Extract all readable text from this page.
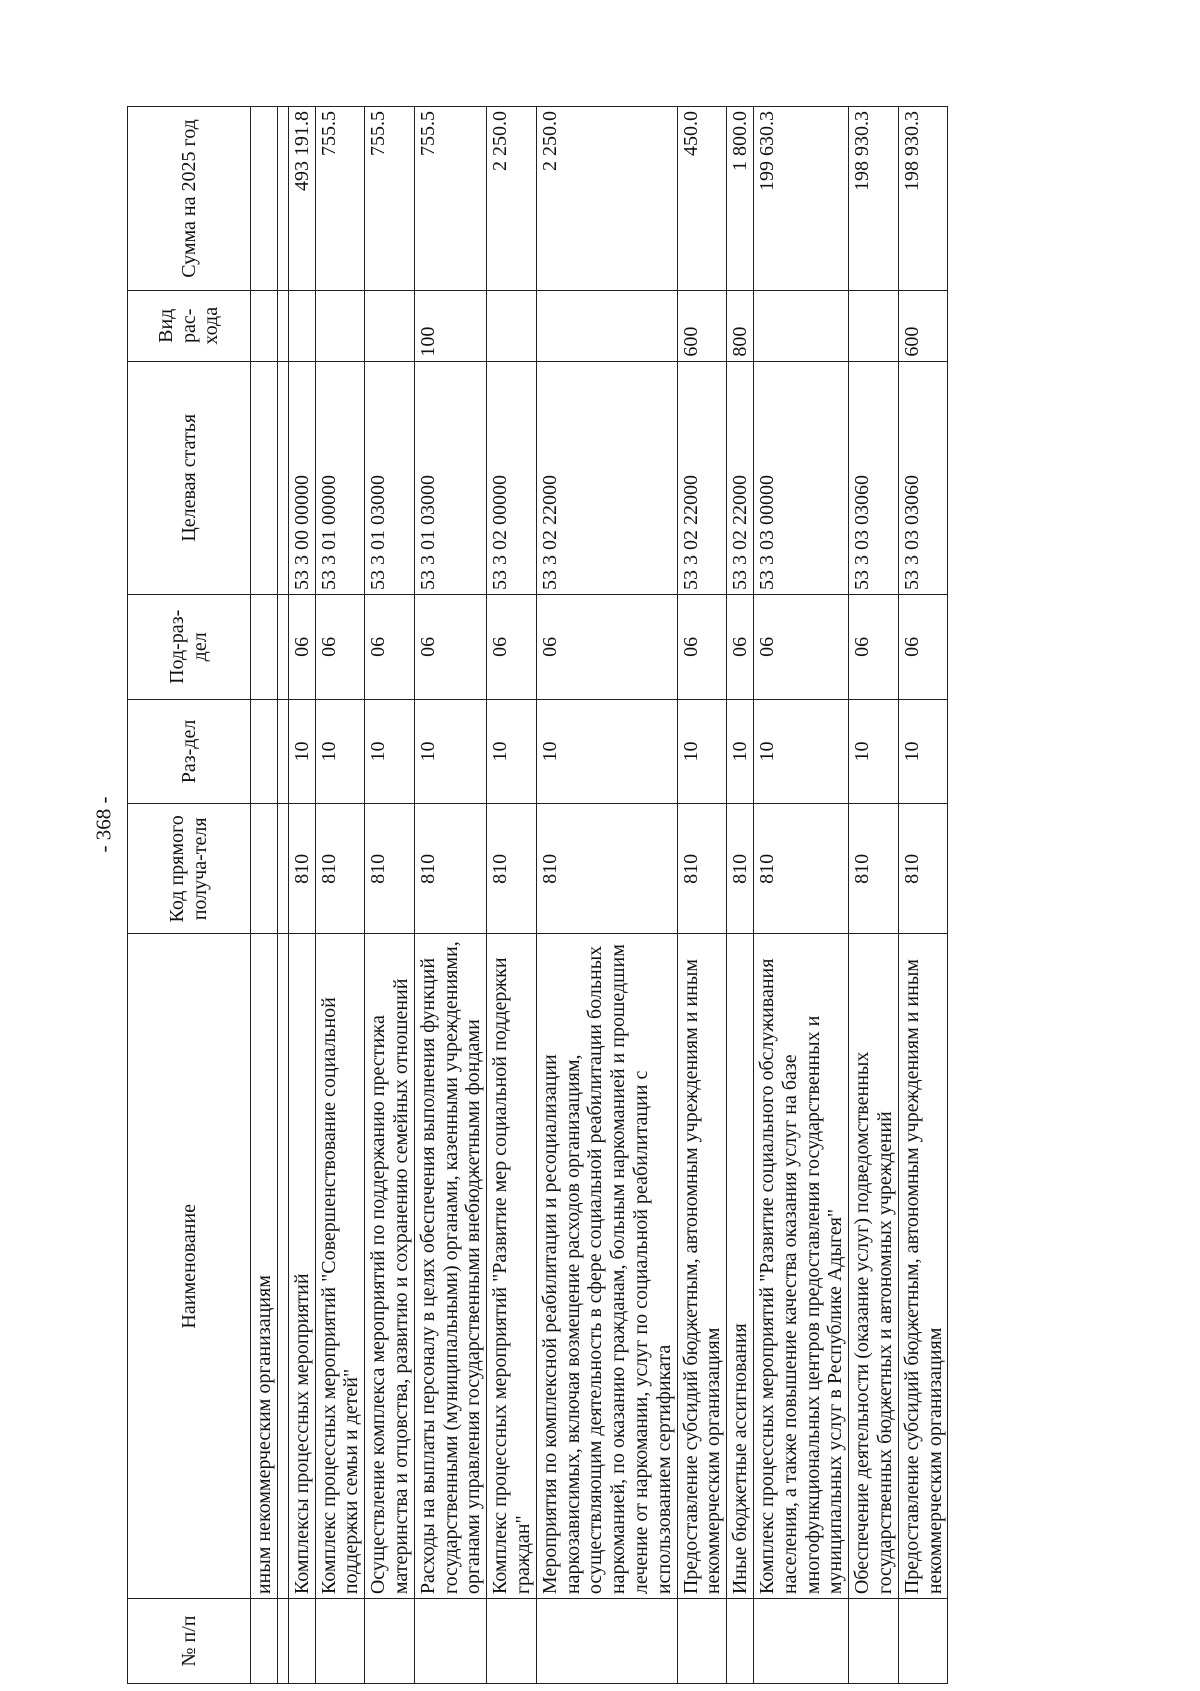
- 368 -
№ п/п	Наименование	Код прямого получа-теля	Раз-дел	Под-раз-дел	Целевая статья	Вид рас-хода	Сумма на 2025 год
	иным некоммерческим организациям						

	Комплексы процессных мероприятий	810	10	06	53 3 00 00000		493 191.8
	Комплекс процессных мероприятий "Совершенствование социальной поддержки семьи и детей"	810	10	06	53 3 01 00000		755.5
	Осуществление комплекса мероприятий по поддержанию престижа материнства и отцовства, развитию и сохранению семейных отношений	810	10	06	53 3 01 03000		755.5
	Расходы на выплаты персоналу в целях обеспечения выполнения функций государственными (муниципальными) органами, казенными учреждениями, органами управления государственными внебюджетными фондами	810	10	06	53 3 01 03000	100	755.5
	Комплекс процессных мероприятий "Развитие мер социальной поддержки граждан"	810	10	06	53 3 02 00000		2 250.0
	Мероприятия по комплексной реабилитации и ресоциализации наркозависимых, включая возмещение расходов организациям, осуществляющим деятельность в сфере социальной реабилитации больных наркоманией, по оказанию гражданам, больным наркоманией и прошедшим лечение от наркомании, услуг по социальной реабилитации с использованием сертификата	810	10	06	53 3 02 22000		2 250.0
	Предоставление субсидий бюджетным, автономным учреждениям и иным некоммерческим организациям	810	10	06	53 3 02 22000	600	450.0
	Иные бюджетные ассигнования	810	10	06	53 3 02 22000	800	1 800.0
	Комплекс процессных мероприятий "Развитие социального обслуживания населения, а также повышение качества оказания услуг на базе многофункциональных центров предоставления государственных и муниципальных услуг в Республике Адыгея"	810	10	06	53 3 03 00000		199 630.3
	Обеспечение деятельности (оказание услуг) подведомственных государственных бюджетных и автономных учреждений	810	10	06	53 3 03 03060		198 930.3
	Предоставление субсидий бюджетным, автономным учреждениям и иным некоммерческим организациям	810	10	06	53 3 03 03060	600	198 930.3
